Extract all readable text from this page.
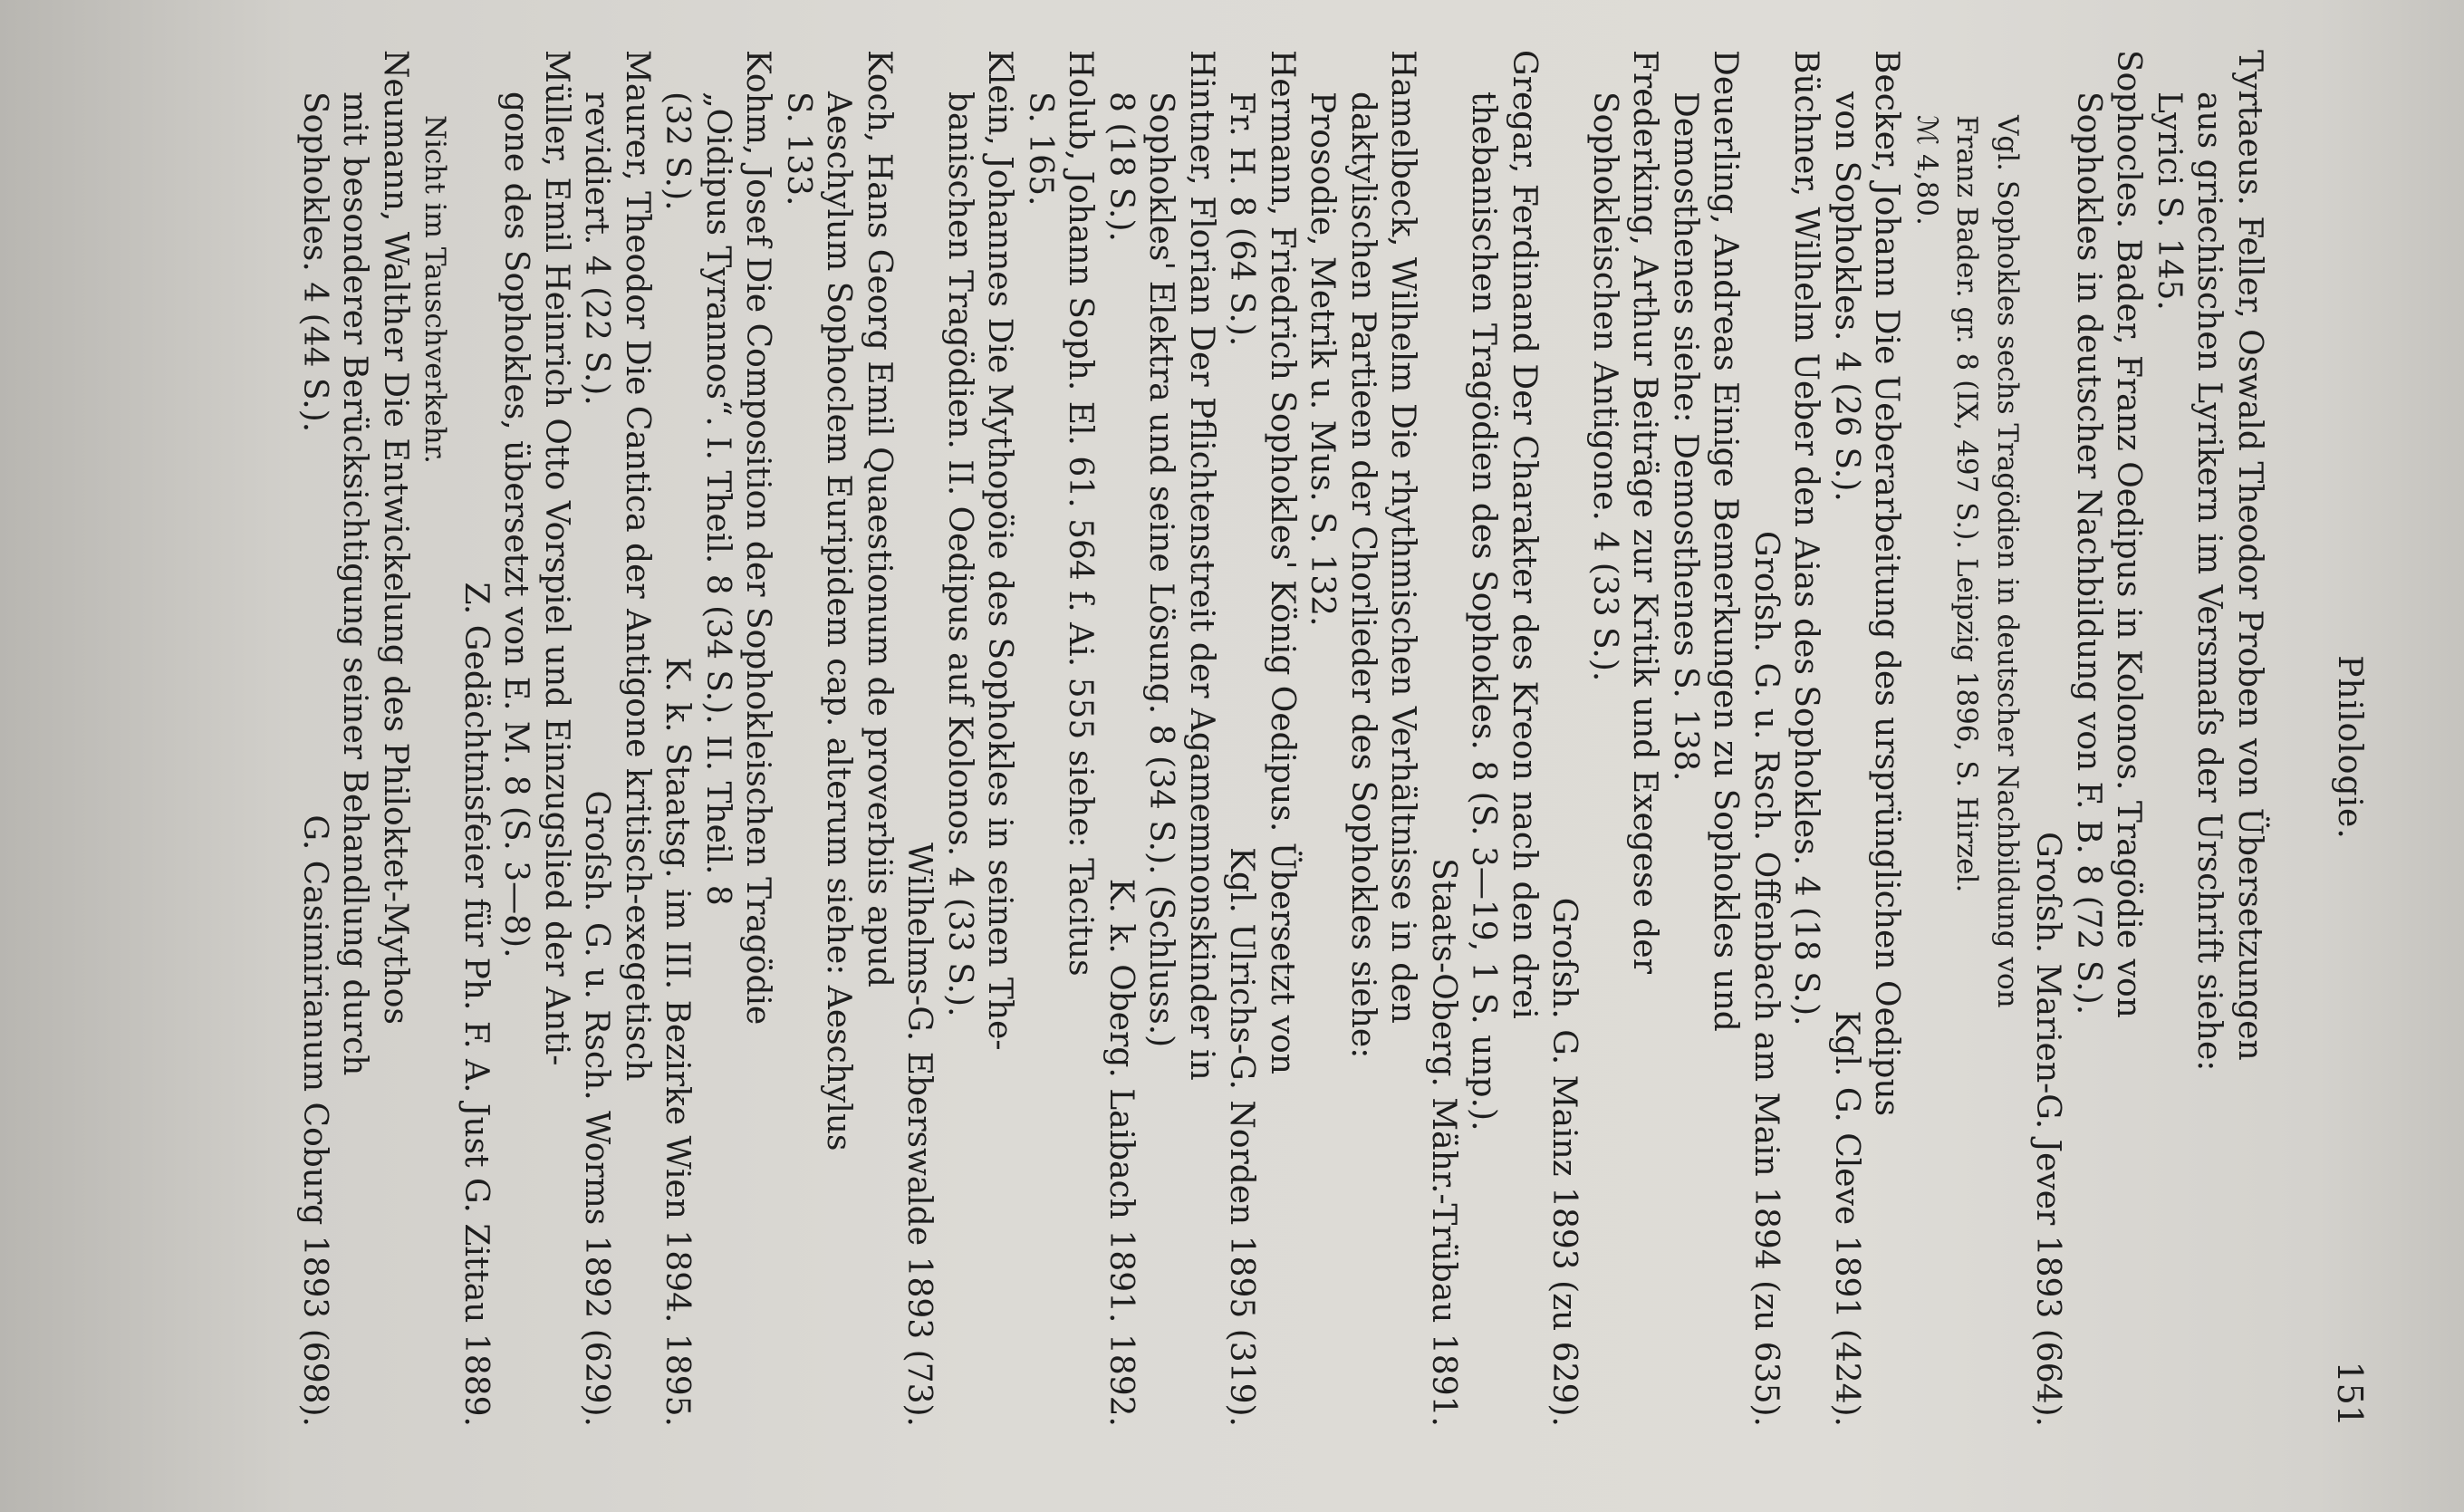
Philologie.
151
Tyrtaeus. Feller, Oswald Theodor Proben von Übersetzungen
aus griechischen Lyrikern im Versmaſs der Urschrift siehe:
Lyrici S. 145.
Sophocles. Bader, Franz Oedipus in Kolonos. Tragödie von
Sophokles in deutscher Nachbildung von F. B. 8 (72 S.).
Groſsh. Marien-G. Jever 1893 (664).
Vgl. Sophokles sechs Tragödien in deutscher Nachbildung von
Franz Bader. gr. 8 (IX, 497 S.). Leipzig 1896, S. Hirzel.
ℳ 4,80.
Becker, Johann Die Ueberarbeitung des ursprünglichen Oedipus
von Sophokles. 4 (26 S.).
Kgl. G. Cleve 1891 (424).
Büchner, Wilhelm Ueber den Aias des Sophokles. 4 (18 S.).
Groſsh. G. u. Rsch. Offenbach am Main 1894 (zu 635).
Deuerling, Andreas Einige Bemerkungen zu Sophokles und
Demosthenes siehe: Demosthenes S. 138.
Frederking, Arthur Beiträge zur Kritik und Exegese der
Sophokleischen Antigone. 4 (33 S.).
Groſsh. G. Mainz 1893 (zu 629).
Gregar, Ferdinand Der Charakter des Kreon nach den drei
thebanischen Tragödien des Sophokles. 8 (S. 3—19, 1 S. unp.).
Staats-Oberg. Mähr.-Trübau 1891.
Hamelbeck, Wilhelm Die rhythmischen Verhältnisse in den
daktylischen Partieen der Chorlieder des Sophokles siehe:
Prosodie, Metrik u. Mus. S. 132.
Hermann, Friedrich Sophokles' König Oedipus. Übersetzt von
Fr. H. 8 (64 S.).
Kgl. Ulrichs-G. Norden 1895 (319).
Hintner, Florian Der Pflichtenstreit der Agamemnonskinder in
Sophokles' Elektra und seine Lösung. 8 (34 S.). (Schluss.)
8 (18 S.).
K. k. Oberg. Laibach 1891. 1892.
Holub, Johann Soph. El. 61. 564 f. Ai. 555 siehe: Tacitus
S. 165.
Klein, Johannes Die Mythopöie des Sophokles in seinen The-
banischen Tragödien. II. Oedipus auf Kolonos. 4 (33 S.).
Wilhelms-G. Eberswalde 1893 (73).
Koch, Hans Georg Emil Quaestionum de proverbiis apud
Aeschylum Sophoclem Euripidem cap. alterum siehe: Aeschylus
S. 133.
Kohm, Josef Die Composition der Sophokleischen Tragödie
„Oidipus Tyrannos“. I. Theil. 8 (34 S.). II. Theil. 8
(32 S.).
K. k. Staatsg. im III. Bezirke Wien 1894. 1895.
Maurer, Theodor Die Cantica der Antigone kritisch-exegetisch
revidiert. 4 (22 S.).
Groſsh. G. u. Rsch. Worms 1892 (629).
Müller, Emil Heinrich Otto Vorspiel und Einzugslied der Anti-
gone des Sophokles, übersetzt von E. M. 8 (S. 3—8).
Z. Gedächtnisfeier für Ph. F. A. Just G. Zittau 1889.
Nicht im Tauschverkehr.
Neumann, Walther Die Entwickelung des Philoktet-Mythos
mit besonderer Berücksichtigung seiner Behandlung durch
Sophokles. 4 (44 S.).
G. Casimirianum Coburg 1893 (698).
